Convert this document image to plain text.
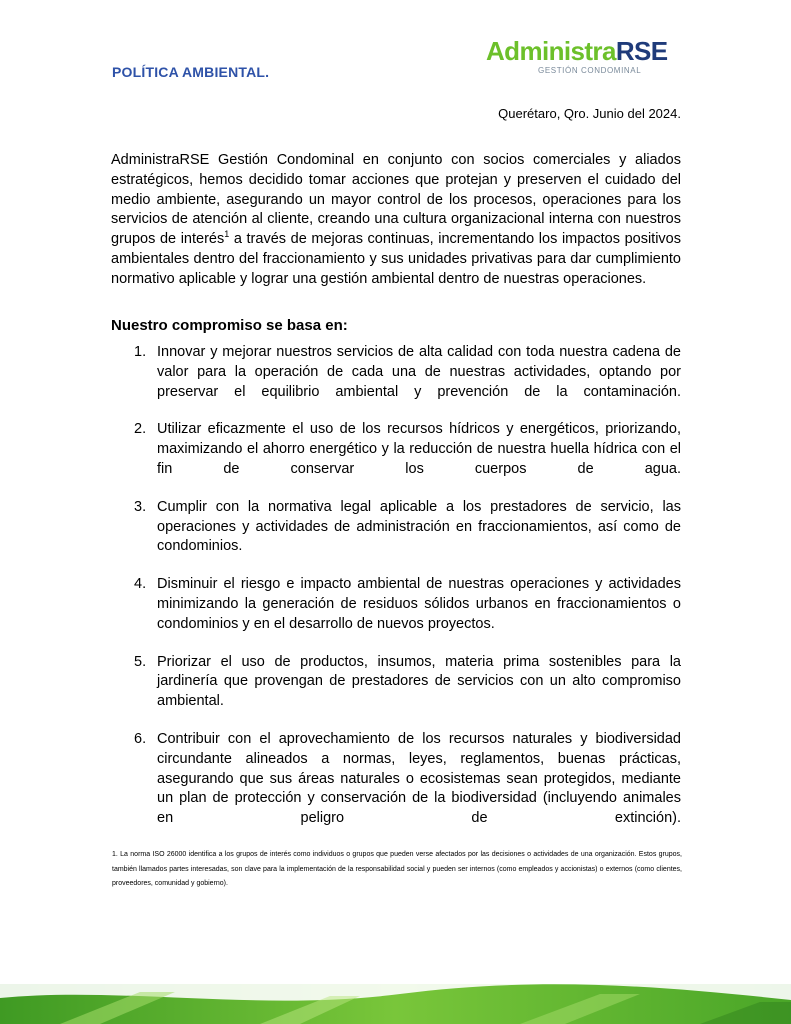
POLÍTICA AMBIENTAL.
AdministraRSE
GESTIÓN CONDOMINAL
Querétaro, Qro. Junio del 2024.

AdministraRSE Gestión Condominal en conjunto con socios comerciales y aliados estratégicos, hemos decidido tomar acciones que protejan y preserven el cuidado del medio ambiente, asegurando un mayor control de los procesos, operaciones para los servicios de atención al cliente, creando una cultura organizacional interna con nuestros grupos de interés$^1$ a través de mejoras continuas, incrementando los impactos positivos ambientales dentro del fraccionamiento y sus unidades privativas para dar cumplimiento normativo aplicable y lograr una gestión ambiental dentro de nuestras operaciones.

Nuestro compromiso se basa en:
1. Innovar y mejorar nuestros servicios de alta calidad con toda nuestra cadena de valor para la operación de cada una de nuestras actividades, optando por preservar el equilibrio ambiental y prevención de la contaminación.
2. Utilizar eficazmente el uso de los recursos hídricos y energéticos, priorizando, maximizando el ahorro energético y la reducción de nuestra huella hídrica con el fin de conservar los cuerpos de agua.
3. Cumplir con la normativa legal aplicable a los prestadores de servicio, las operaciones y actividades de administración en fraccionamientos, así como de condominios.
4. Disminuir el riesgo e impacto ambiental de nuestras operaciones y actividades minimizando la generación de residuos sólidos urbanos en fraccionamientos o condominios y en el desarrollo de nuevos proyectos.
5. Priorizar el uso de productos, insumos, materia prima sostenibles para la jardinería que provengan de prestadores de servicios con un alto compromiso ambiental.
6. Contribuir con el aprovechamiento de los recursos naturales y biodiversidad circundante alineados a normas, leyes, reglamentos, buenas prácticas, asegurando que sus áreas naturales o ecosistemas sean protegidos, mediante un plan de protección y conservación de la biodiversidad (incluyendo animales en peligro de extinción).

1. La norma ISO 26000 identifica a los grupos de interés como individuos o grupos que pueden verse afectados por las decisiones o actividades de una organización. Estos grupos, también llamados partes interesadas, son clave para la implementación de la responsabilidad social y pueden ser internos (como empleados y accionistas) o externos (como clientes, proveedores, comunidad y gobierno).
